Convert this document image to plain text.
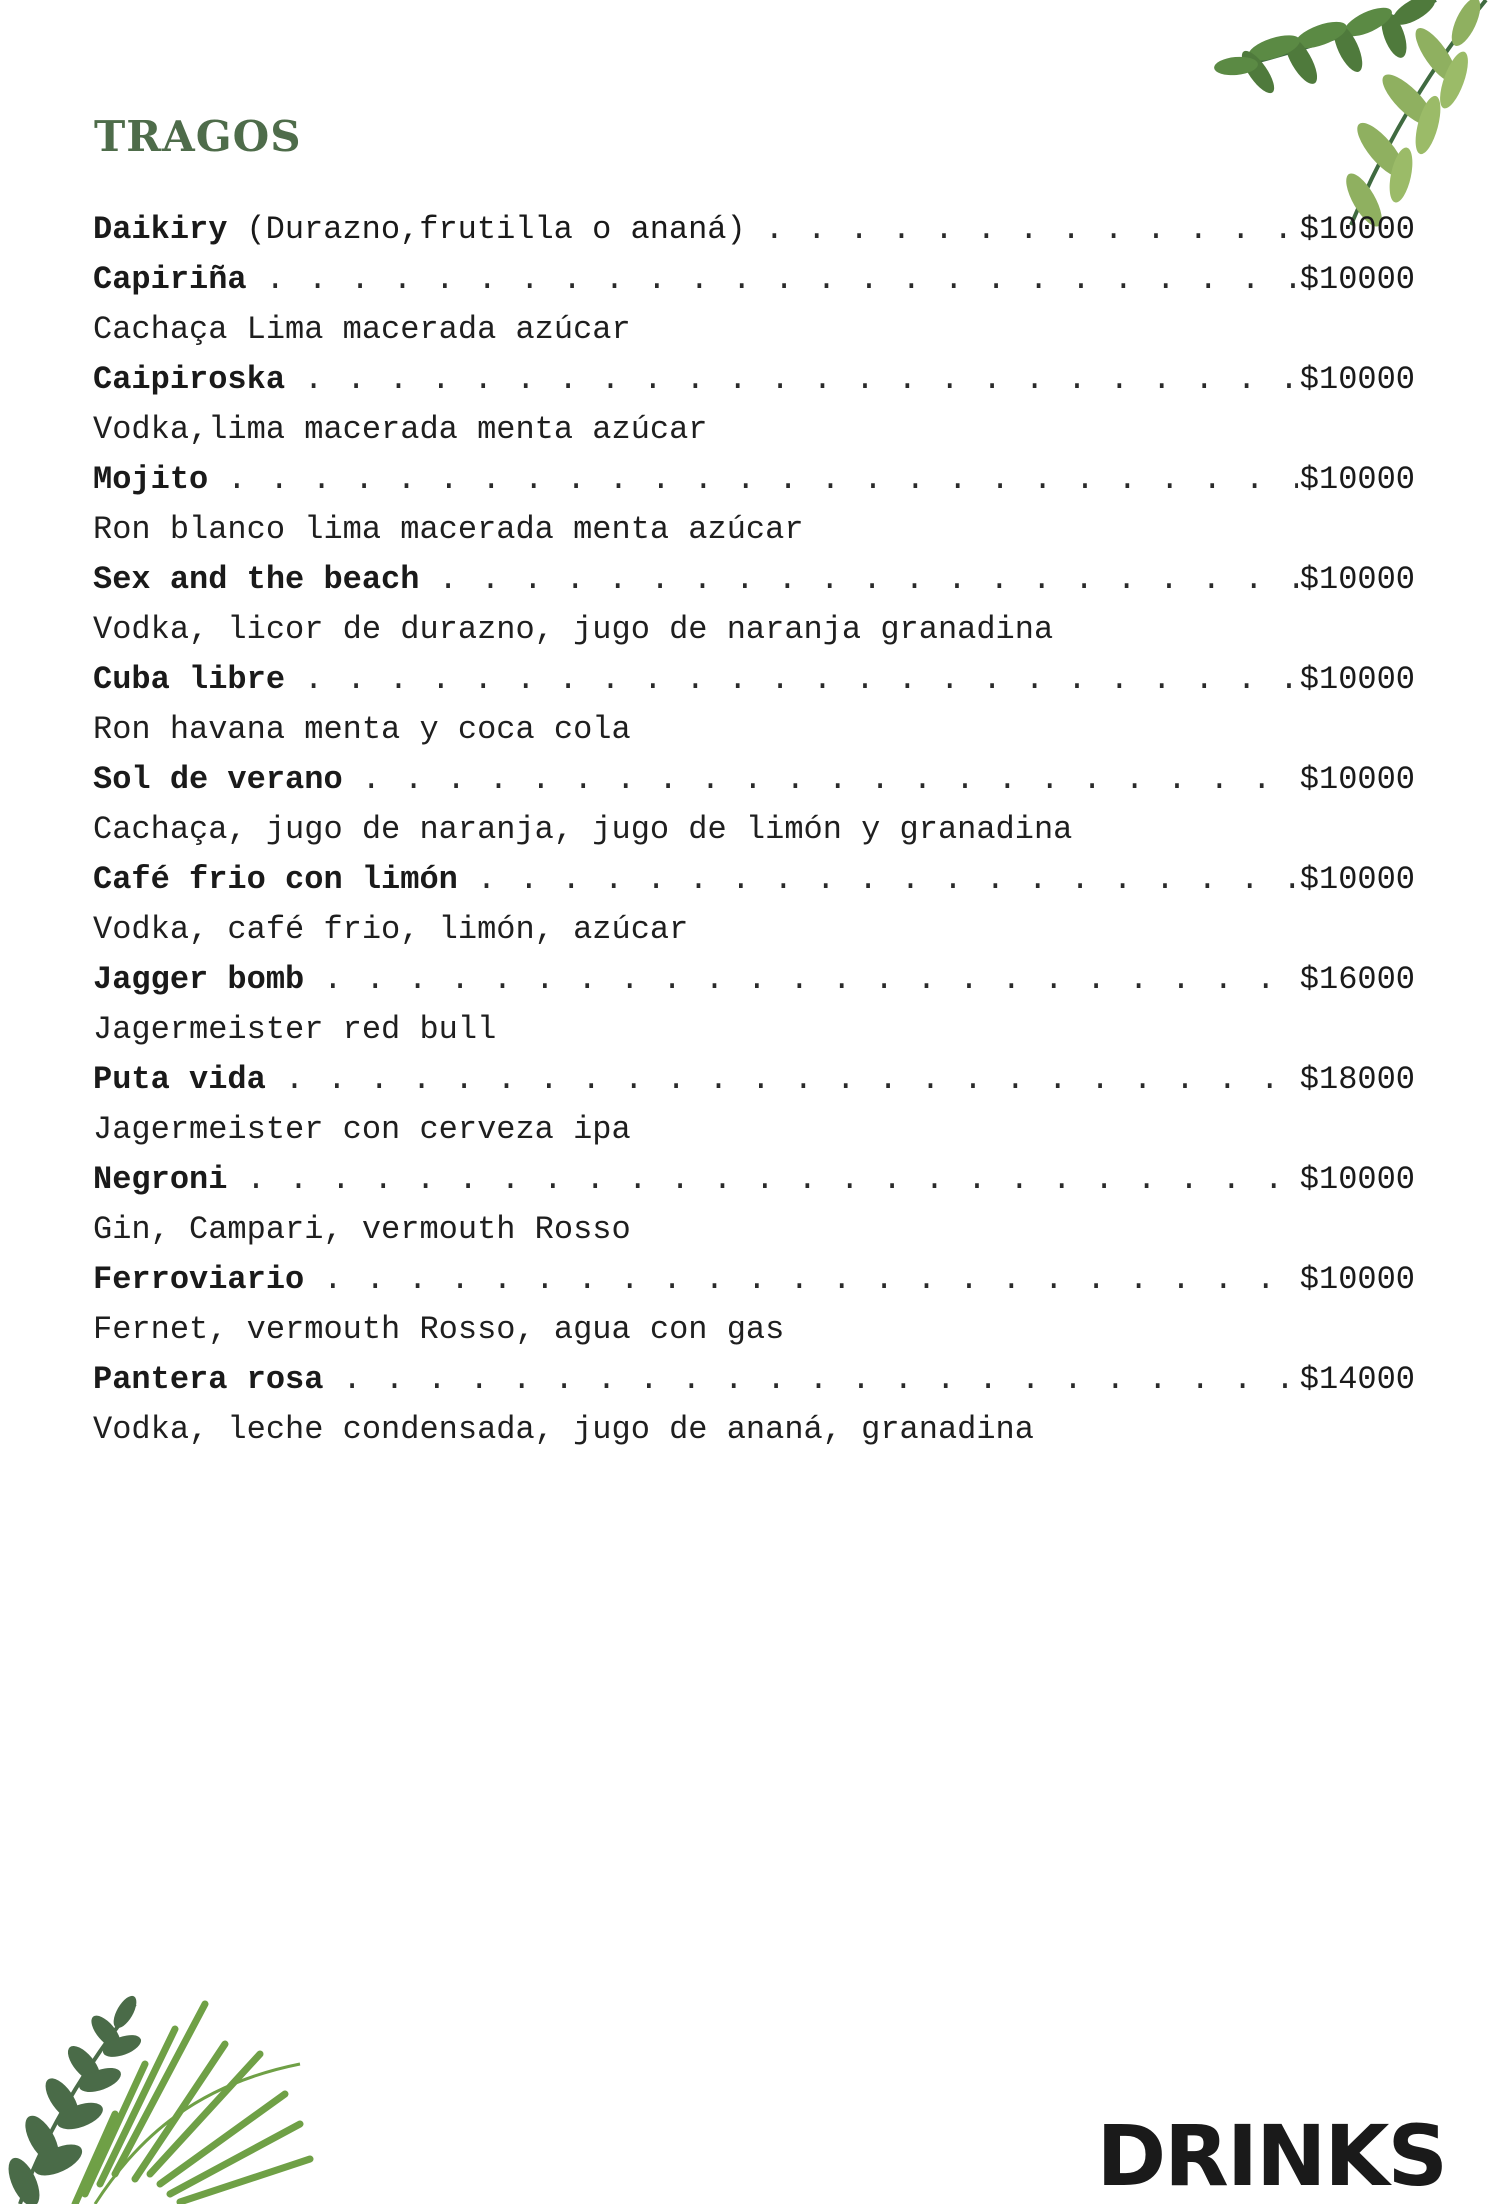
TRAGOS
Daikiry (Durazno,frutilla o ananá) . . .	$10000
Capiriña . . .	$10000
Cachaça Lima macerada azúcar
Caipiroska . . .	$10000
Vodka,lima macerada menta azúcar
Mojito . . .	$10000
Ron blanco lima macerada menta azúcar
Sex and the beach . . .	$10000
Vodka, licor de durazno, jugo de naranja granadina
Cuba libre . . .	$10000
Ron havana menta y coca cola
Sol de verano . . .	$10000
Cachaça, jugo de naranja, jugo de limón y granadina
Café frio con limón . . .	$10000
Vodka, café frio, limón, azúcar
Jagger bomb . . .	$16000
Jagermeister red bull
Puta vida . . .	$18000
Jagermeister con cerveza ipa
Negroni . . .	$10000
Gin, Campari, vermouth Rosso
Ferroviario . . .	$10000
Fernet, vermouth Rosso, agua con gas
Pantera rosa . . .	$14000
Vodka, leche condensada, jugo de ananá, granadina
DRINKS
